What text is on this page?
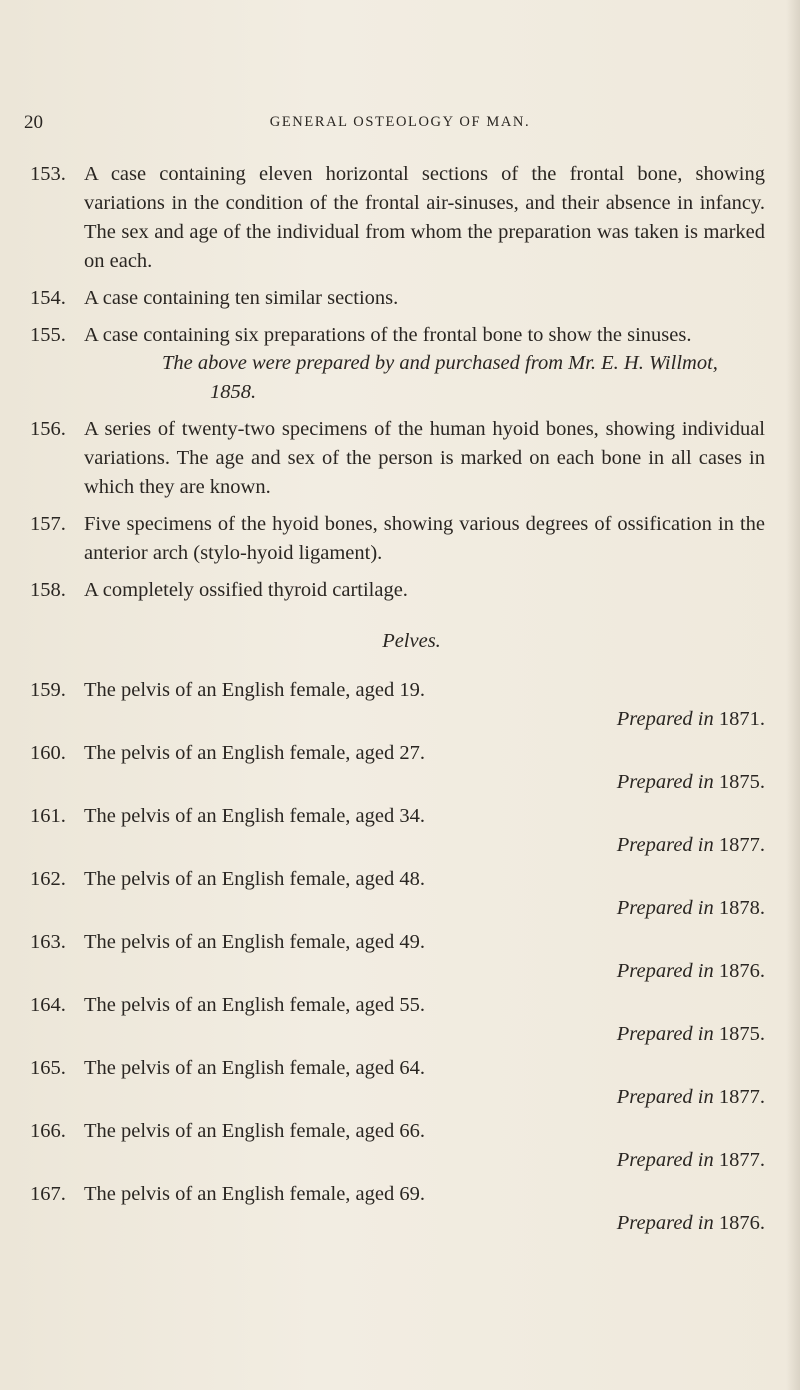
20	GENERAL OSTEOLOGY OF MAN.
153. A case containing eleven horizontal sections of the frontal bone, showing variations in the condition of the frontal air-sinuses, and their absence in infancy. The sex and age of the individual from whom the preparation was taken is marked on each.
154. A case containing ten similar sections.
155. A case containing six preparations of the frontal bone to show the sinuses.
The above were prepared by and purchased from Mr. E. H. Willmot, 1858.
156. A series of twenty-two specimens of the human hyoid bones, showing individual variations. The age and sex of the person is marked on each bone in all cases in which they are known.
157. Five specimens of the hyoid bones, showing various degrees of ossification in the anterior arch (stylo-hyoid ligament).
158. A completely ossified thyroid cartilage.
Pelves.
159. The pelvis of an English female, aged 19.
Prepared in 1871.
160. The pelvis of an English female, aged 27.
Prepared in 1875.
161. The pelvis of an English female, aged 34.
Prepared in 1877.
162. The pelvis of an English female, aged 48.
Prepared in 1878.
163. The pelvis of an English female, aged 49.
Prepared in 1876.
164. The pelvis of an English female, aged 55.
Prepared in 1875.
165. The pelvis of an English female, aged 64.
Prepared in 1877.
166. The pelvis of an English female, aged 66.
Prepared in 1877.
167. The pelvis of an English female, aged 69.
Prepared in 1876.
